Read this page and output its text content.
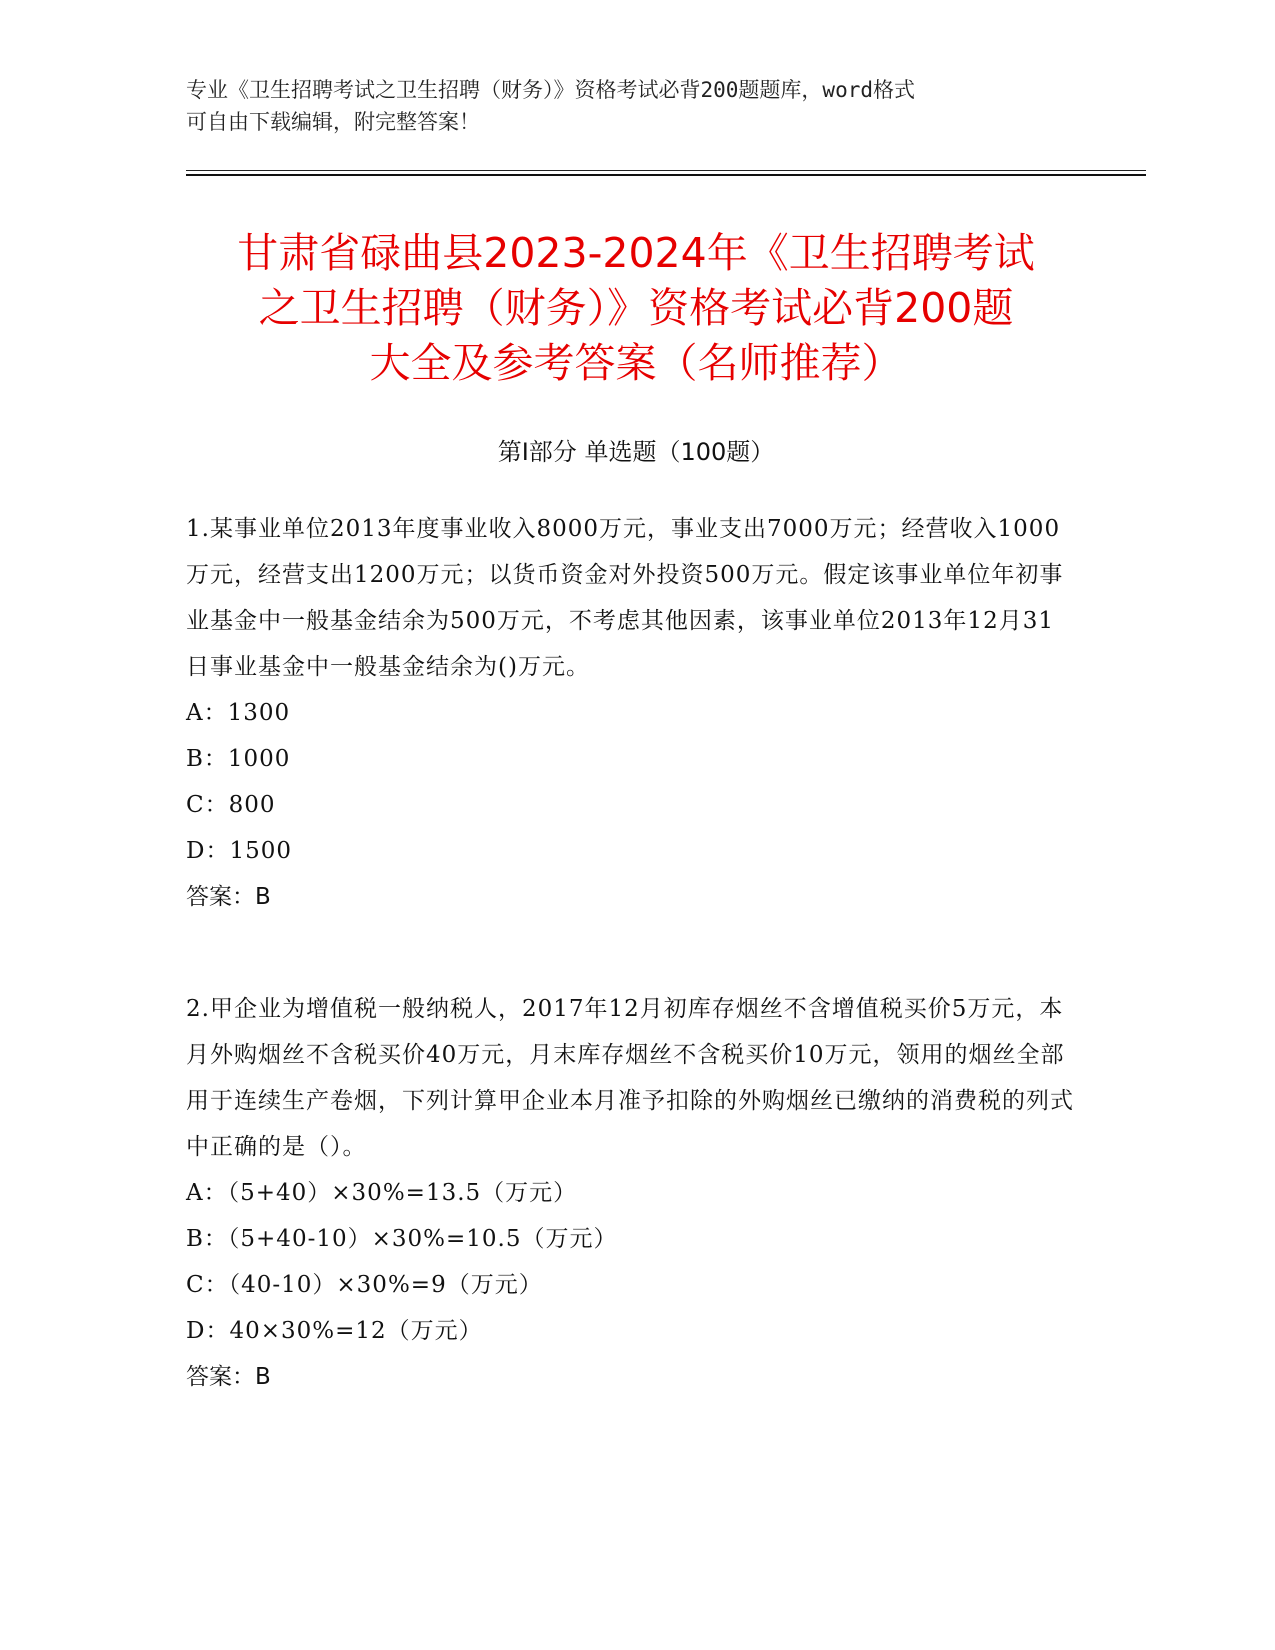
专业《卫生招聘考试之卫生招聘（财务）》资格考试必背200题题库，word格式
可自由下载编辑，附完整答案！
甘肃省碌曲县2023-2024年《卫生招聘考试
之卫生招聘（财务）》资格考试必背200题
大全及参考答案（名师推荐）
第Ⅰ部分 单选题（100题）

1.某事业单位2013年度事业收入8000万元，事业支出7000万元；经营收入1000万元，经营支出1200万元；以货币资金对外投资500万元。假定该事业单位年初事业基金中一般基金结余为500万元，不考虑其他因素，该事业单位2013年12月31日事业基金中一般基金结余为()万元。

A：1300

B：1000

C：800

D：1500

答案：B

2.甲企业为增值税一般纳税人，2017年12月初库存烟丝不含增值税买价5万元，本月外购烟丝不含税买价40万元，月末库存烟丝不含税买价10万元，领用的烟丝全部用于连续生产卷烟，下列计算甲企业本月准予扣除的外购烟丝已缴纳的消费税的列式中正确的是（）。

A：（5+40）×30%=13.5（万元）

B：（5+40-10）×30%=10.5（万元）

C：（40-10）×30%=9（万元）

D：40×30%=12（万元）

答案：B
